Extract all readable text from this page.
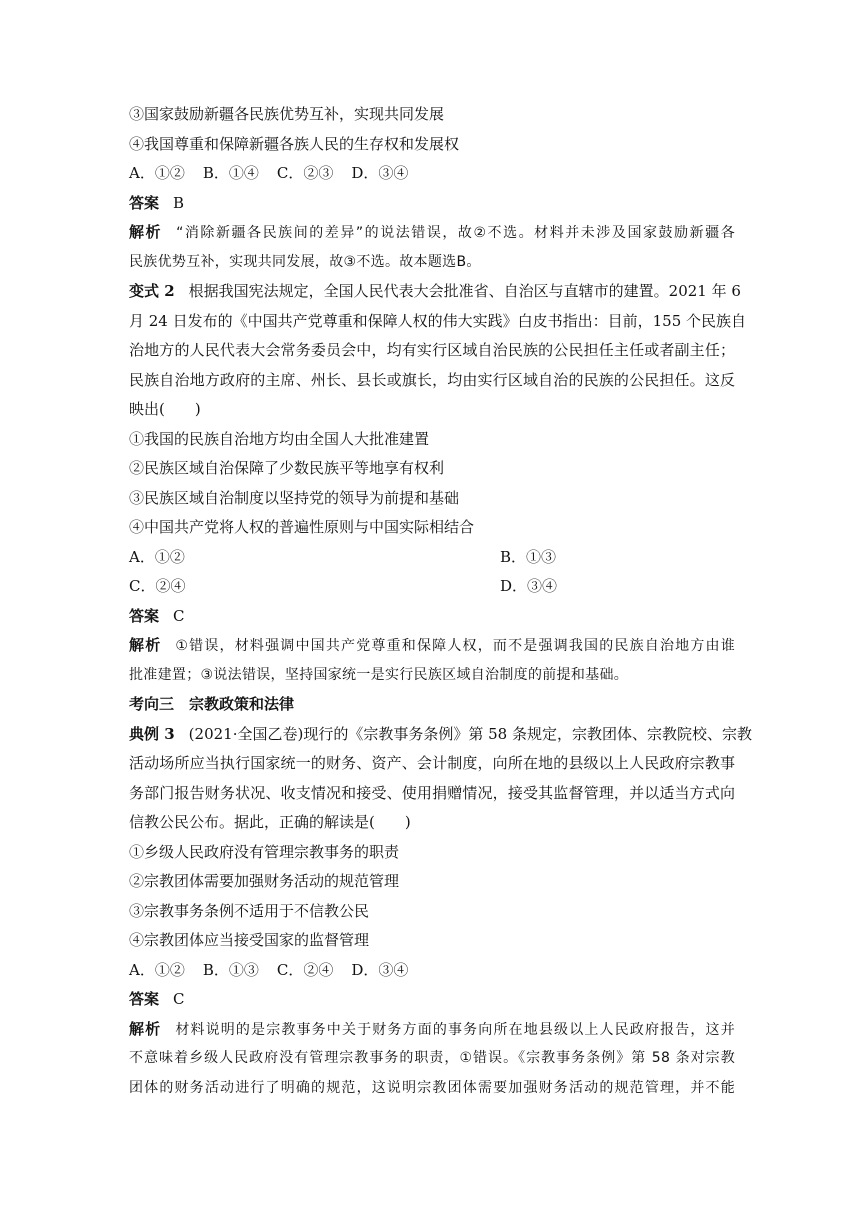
③国家鼓励新疆各民族优势互补，实现共同发展
④我国尊重和保障新疆各族人民的生存权和发展权
A．①② B．①④ C．②③ D．③④
答案 B
解析 “消除新疆各民族间的差异”的说法错误，故②不选。材料并未涉及国家鼓励新疆各
民族优势互补，实现共同发展，故③不选。故本题选B。
变式 2 根据我国宪法规定，全国人民代表大会批准省、自治区与直辖市的建置。2021 年 6
月 24 日发布的《中国共产党尊重和保障人权的伟大实践》白皮书指出：目前，155 个民族自
治地方的人民代表大会常务委员会中，均有实行区域自治民族的公民担任主任或者副主任；
民族自治地方政府的主席、州长、县长或旗长，均由实行区域自治的民族的公民担任。这反
映出(　　)
①我国的民族自治地方均由全国人大批准建置
②民族区域自治保障了少数民族平等地享有权利
③民族区域自治制度以坚持党的领导为前提和基础
④中国共产党将人权的普遍性原则与中国实际相结合
A．①②	B．①③
C．②④	D．③④
答案 C
解析 ①错误，材料强调中国共产党尊重和保障人权，而不是强调我国的民族自治地方由谁
批准建置；③说法错误，坚持国家统一是实行民族区域自治制度的前提和基础。
考向三　宗教政策和法律
典例 3 (2021·全国乙卷)现行的《宗教事务条例》第 58 条规定，宗教团体、宗教院校、宗教
活动场所应当执行国家统一的财务、资产、会计制度，向所在地的县级以上人民政府宗教事
务部门报告财务状况、收支情况和接受、使用捐赠情况，接受其监督管理，并以适当方式向
信教公民公布。据此，正确的解读是(　　)
①乡级人民政府没有管理宗教事务的职责
②宗教团体需要加强财务活动的规范管理
③宗教事务条例不适用于不信教公民
④宗教团体应当接受国家的监督管理
A．①② B．①③ C．②④ D．③④
答案 C
解析 材料说明的是宗教事务中关于财务方面的事务向所在地县级以上人民政府报告，这并
不意味着乡级人民政府没有管理宗教事务的职责，①错误。《宗教事务条例》第 58 条对宗教
团体的财务活动进行了明确的规范，这说明宗教团体需要加强财务活动的规范管理，并不能
